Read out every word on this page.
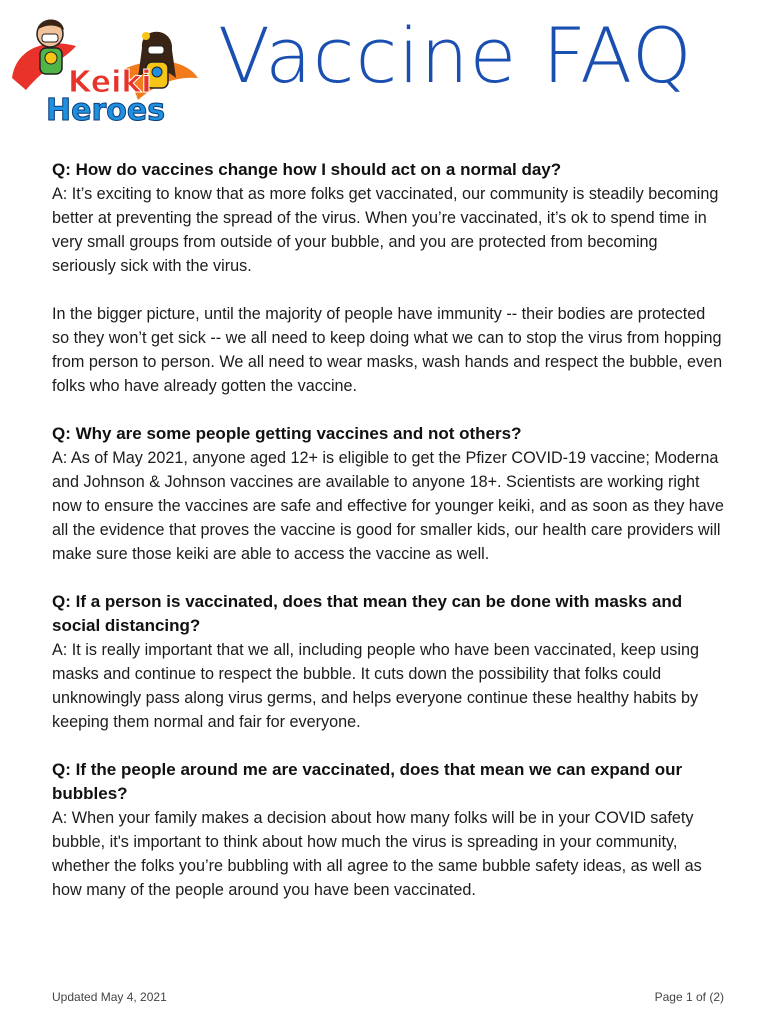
Keiki
Heroes
Vaccine FAQ

Q: How do vaccines change how I should act on a normal day?

A: It’s exciting to know that as more folks get vaccinated, our community is steadily becoming better at preventing the spread of the virus. When you’re vaccinated, it’s ok to spend time in very small groups from outside of your bubble, and you are protected from becoming seriously sick with the virus.

In the bigger picture, until the majority of people have immunity -- their bodies are protected so they won’t get sick -- we all need to keep doing what we can to stop the virus from hopping from person to person. We all need to wear masks, wash hands and respect the bubble, even folks who have already gotten the vaccine.

Q: Why are some people getting vaccines and not others?

A: As of May 2021, anyone aged 12+ is eligible to get the Pfizer COVID-19 vaccine; Moderna and Johnson & Johnson vaccines are available to anyone 18+. Scientists are working right now to ensure the vaccines are safe and effective for younger keiki, and as soon as they have all the evidence that proves the vaccine is good for smaller kids, our health care providers will make sure those keiki are able to access the vaccine as well.

Q: If a person is vaccinated, does that mean they can be done with masks and social distancing?

A: It is really important that we all, including people who have been vaccinated, keep using masks and continue to respect the bubble. It cuts down the possibility that folks could unknowingly pass along virus germs, and helps everyone continue these healthy habits by keeping them normal and fair for everyone.

Q: If the people around me are vaccinated, does that mean we can expand our bubbles?

A: When your family makes a decision about how many folks will be in your COVID safety bubble, it's important to think about how much the virus is spreading in your community, whether the folks you’re bubbling with all agree to the same bubble safety ideas, as well as how many of the people around you have been vaccinated.

Updated May 4, 2021	Page 1 of (2)
